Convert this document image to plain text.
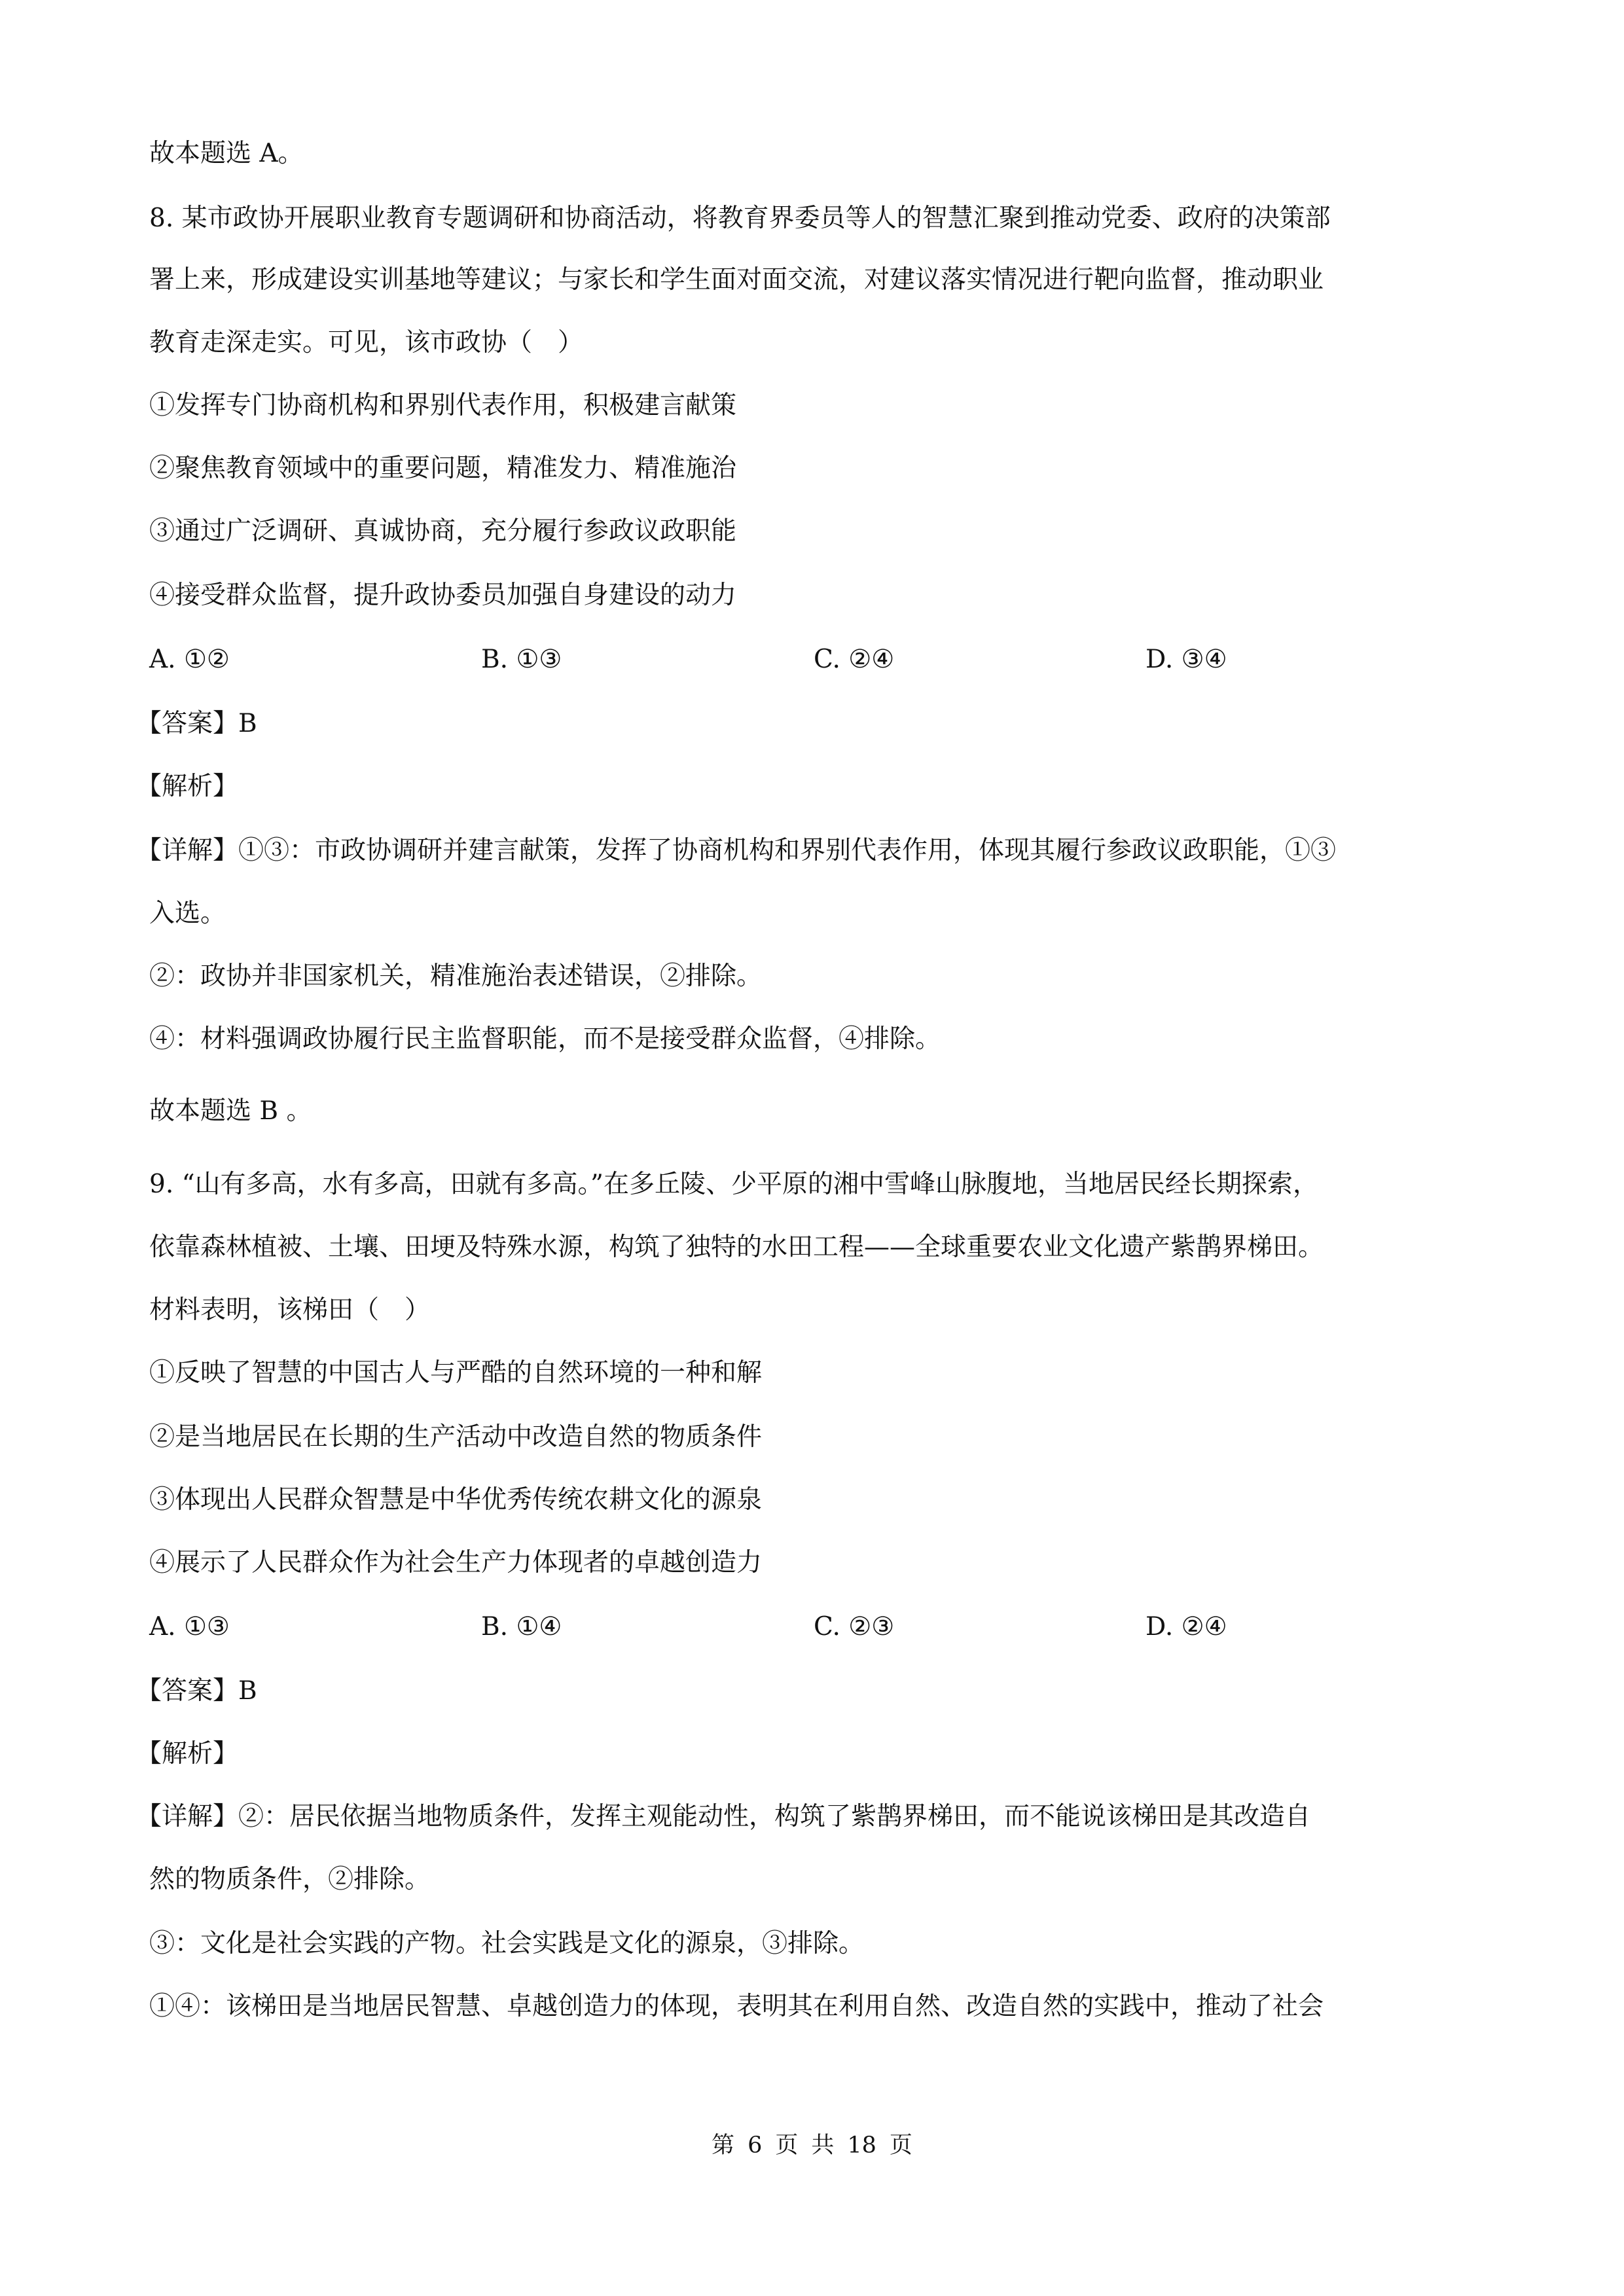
故本题选 A。

8. 某市政协开展职业教育专题调研和协商活动，将教育界委员等人的智慧汇聚到推动党委、政府的决策部

署上来，形成建设实训基地等建议；与家长和学生面对面交流，对建议落实情况进行靶向监督，推动职业

教育走深走实。可见，该市政协（　）

①发挥专门协商机构和界别代表作用，积极建言献策

②聚焦教育领域中的重要问题，精准发力、精准施治

③通过广泛调研、真诚协商，充分履行参政议政职能

④接受群众监督，提升政协委员加强自身建设的动力

A. ①②	B. ①③	C. ②④	D. ③④

【答案】B

【解析】

【详解】①③：市政协调研并建言献策，发挥了协商机构和界别代表作用，体现其履行参政议政职能，①③

入选。

②：政协并非国家机关，精准施治表述错误，②排除。

④：材料强调政协履行民主监督职能，而不是接受群众监督，④排除。

故本题选 B 。

9. “山有多高，水有多高，田就有多高。”在多丘陵、少平原的湘中雪峰山脉腹地，当地居民经长期探索，

依靠森林植被、土壤、田埂及特殊水源，构筑了独特的水田工程——全球重要农业文化遗产紫鹊界梯田。

材料表明，该梯田（　）

①反映了智慧的中国古人与严酷的自然环境的一种和解

②是当地居民在长期的生产活动中改造自然的物质条件

③体现出人民群众智慧是中华优秀传统农耕文化的源泉

④展示了人民群众作为社会生产力体现者的卓越创造力

A. ①③	B. ①④	C. ②③	D. ②④

【答案】B

【解析】

【详解】②：居民依据当地物质条件，发挥主观能动性，构筑了紫鹊界梯田，而不能说该梯田是其改造自

然的物质条件，②排除。

③：文化是社会实践的产物。社会实践是文化的源泉，③排除。

①④：该梯田是当地居民智慧、卓越创造力的体现，表明其在利用自然、改造自然的实践中，推动了社会

第 6 页 共 18 页
